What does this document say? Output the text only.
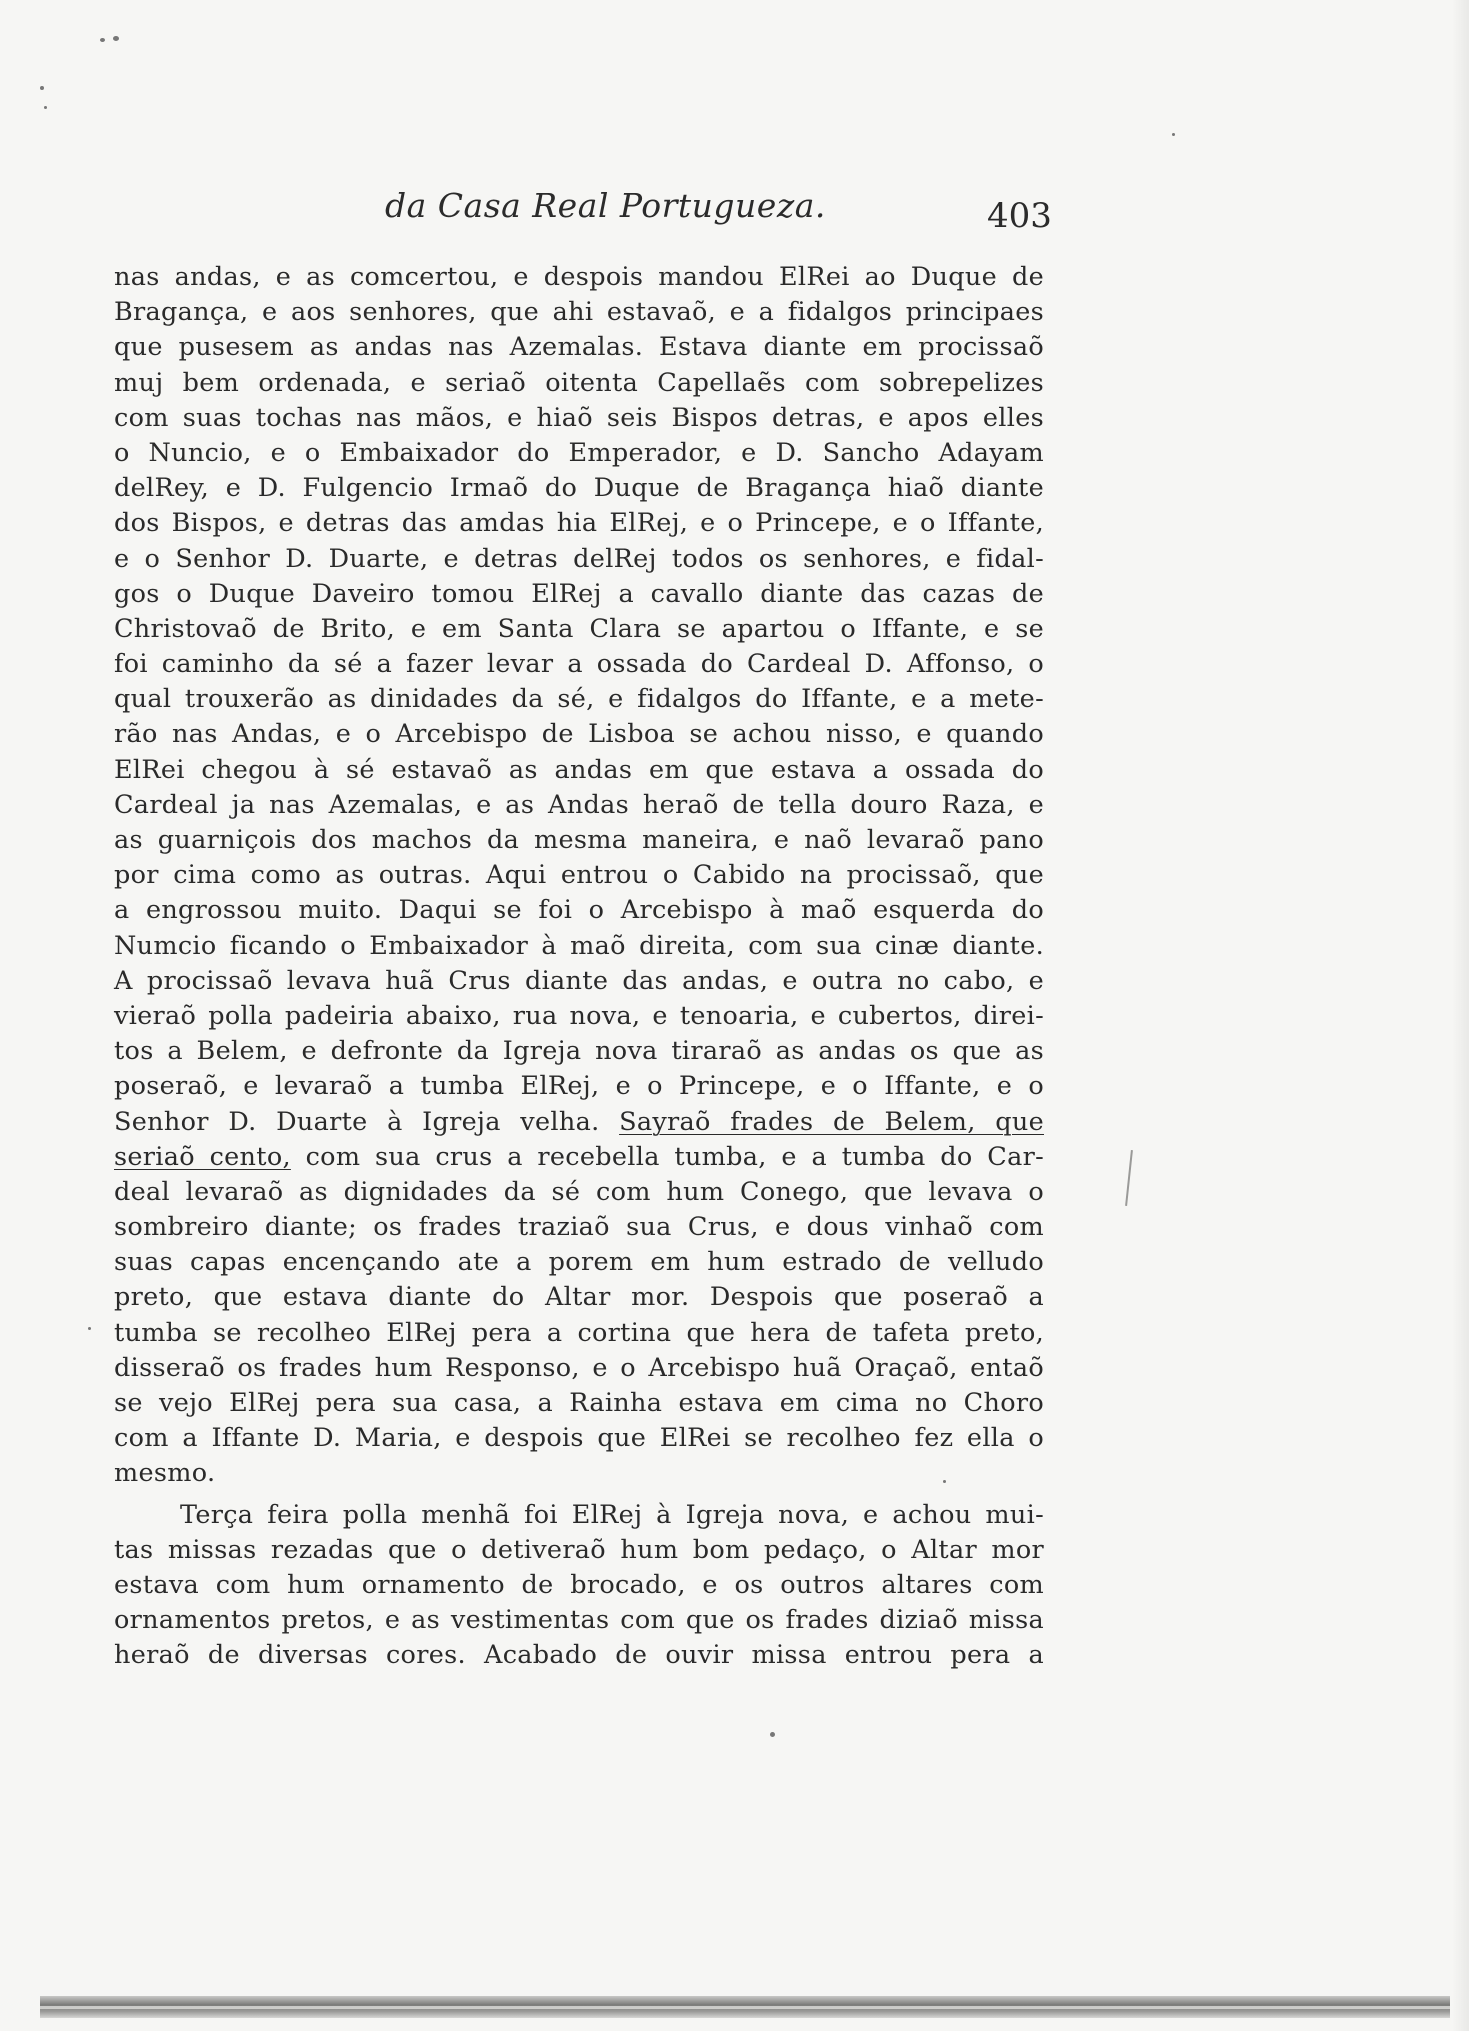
da Casa Real Portugueza.	403
nas andas, e as comcertou, e despois mandou ElRei ao Duque de
Bragança, e aos senhores, que ahi estavaõ, e a fidalgos principaes
que pusesem as andas nas Azemalas. Estava diante em procissaõ
muj bem ordenada, e seriaõ oitenta Capellaẽs com sobrepelizes
com suas tochas nas mãos, e hiaõ seis Bispos detras, e apos elles
o Nuncio, e o Embaixador do Emperador, e D. Sancho Adayam
delRey, e D. Fulgencio Irmaõ do Duque de Bragança hiaõ diante
dos Bispos, e detras das amdas hia ElRej, e o Princepe, e o Iffante,
e o Senhor D. Duarte, e detras delRej todos os senhores, e fidal-
gos o Duque Daveiro tomou ElRej a cavallo diante das cazas de
Christovaõ de Brito, e em Santa Clara se apartou o Iffante, e se
foi caminho da sé a fazer levar a ossada do Cardeal D. Affonso, o
qual trouxerão as dinidades da sé, e fidalgos do Iffante, e a mete-
rão nas Andas, e o Arcebispo de Lisboa se achou nisso, e quando
ElRei chegou à sé estavaõ as andas em que estava a ossada do
Cardeal ja nas Azemalas, e as Andas heraõ de tella douro Raza, e
as guarniçois dos machos da mesma maneira, e naõ levaraõ pano
por cima como as outras. Aqui entrou o Cabido na procissaõ, que
a engrossou muito. Daqui se foi o Arcebispo à maõ esquerda do
Numcio ficando o Embaixador à maõ direita, com sua cinæ diante.
A procissaõ levava huã Crus diante das andas, e outra no cabo, e
vieraõ polla padeiria abaixo, rua nova, e tenoaria, e cubertos, direi-
tos a Belem, e defronte da Igreja nova tiraraõ as andas os que as
poseraõ, e levaraõ a tumba ElRej, e o Princepe, e o Iffante, e o
Senhor D. Duarte à Igreja velha. Sayraõ frades de Belem, que
seriaõ cento, com sua crus a recebella tumba, e a tumba do Car-
deal levaraõ as dignidades da sé com hum Conego, que levava o
sombreiro diante; os frades traziaõ sua Crus, e dous vinhaõ com
suas capas encençando ate a porem em hum estrado de velludo
preto, que estava diante do Altar mor. Despois que poseraõ a
tumba se recolheo ElRej pera a cortina que hera de tafeta preto,
disseraõ os frades hum Responso, e o Arcebispo huã Oraçaõ, entaõ
se vejo ElRej pera sua casa, a Rainha estava em cima no Choro
com a Iffante D. Maria, e despois que ElRei se recolheo fez ella o
mesmo.
Terça feira polla menhã foi ElRej à Igreja nova, e achou mui-
tas missas rezadas que o detiveraõ hum bom pedaço, o Altar mor
estava com hum ornamento de brocado, e os outros altares com
ornamentos pretos, e as vestimentas com que os frades diziaõ missa
heraõ de diversas cores. Acabado de ouvir missa entrou pera a
